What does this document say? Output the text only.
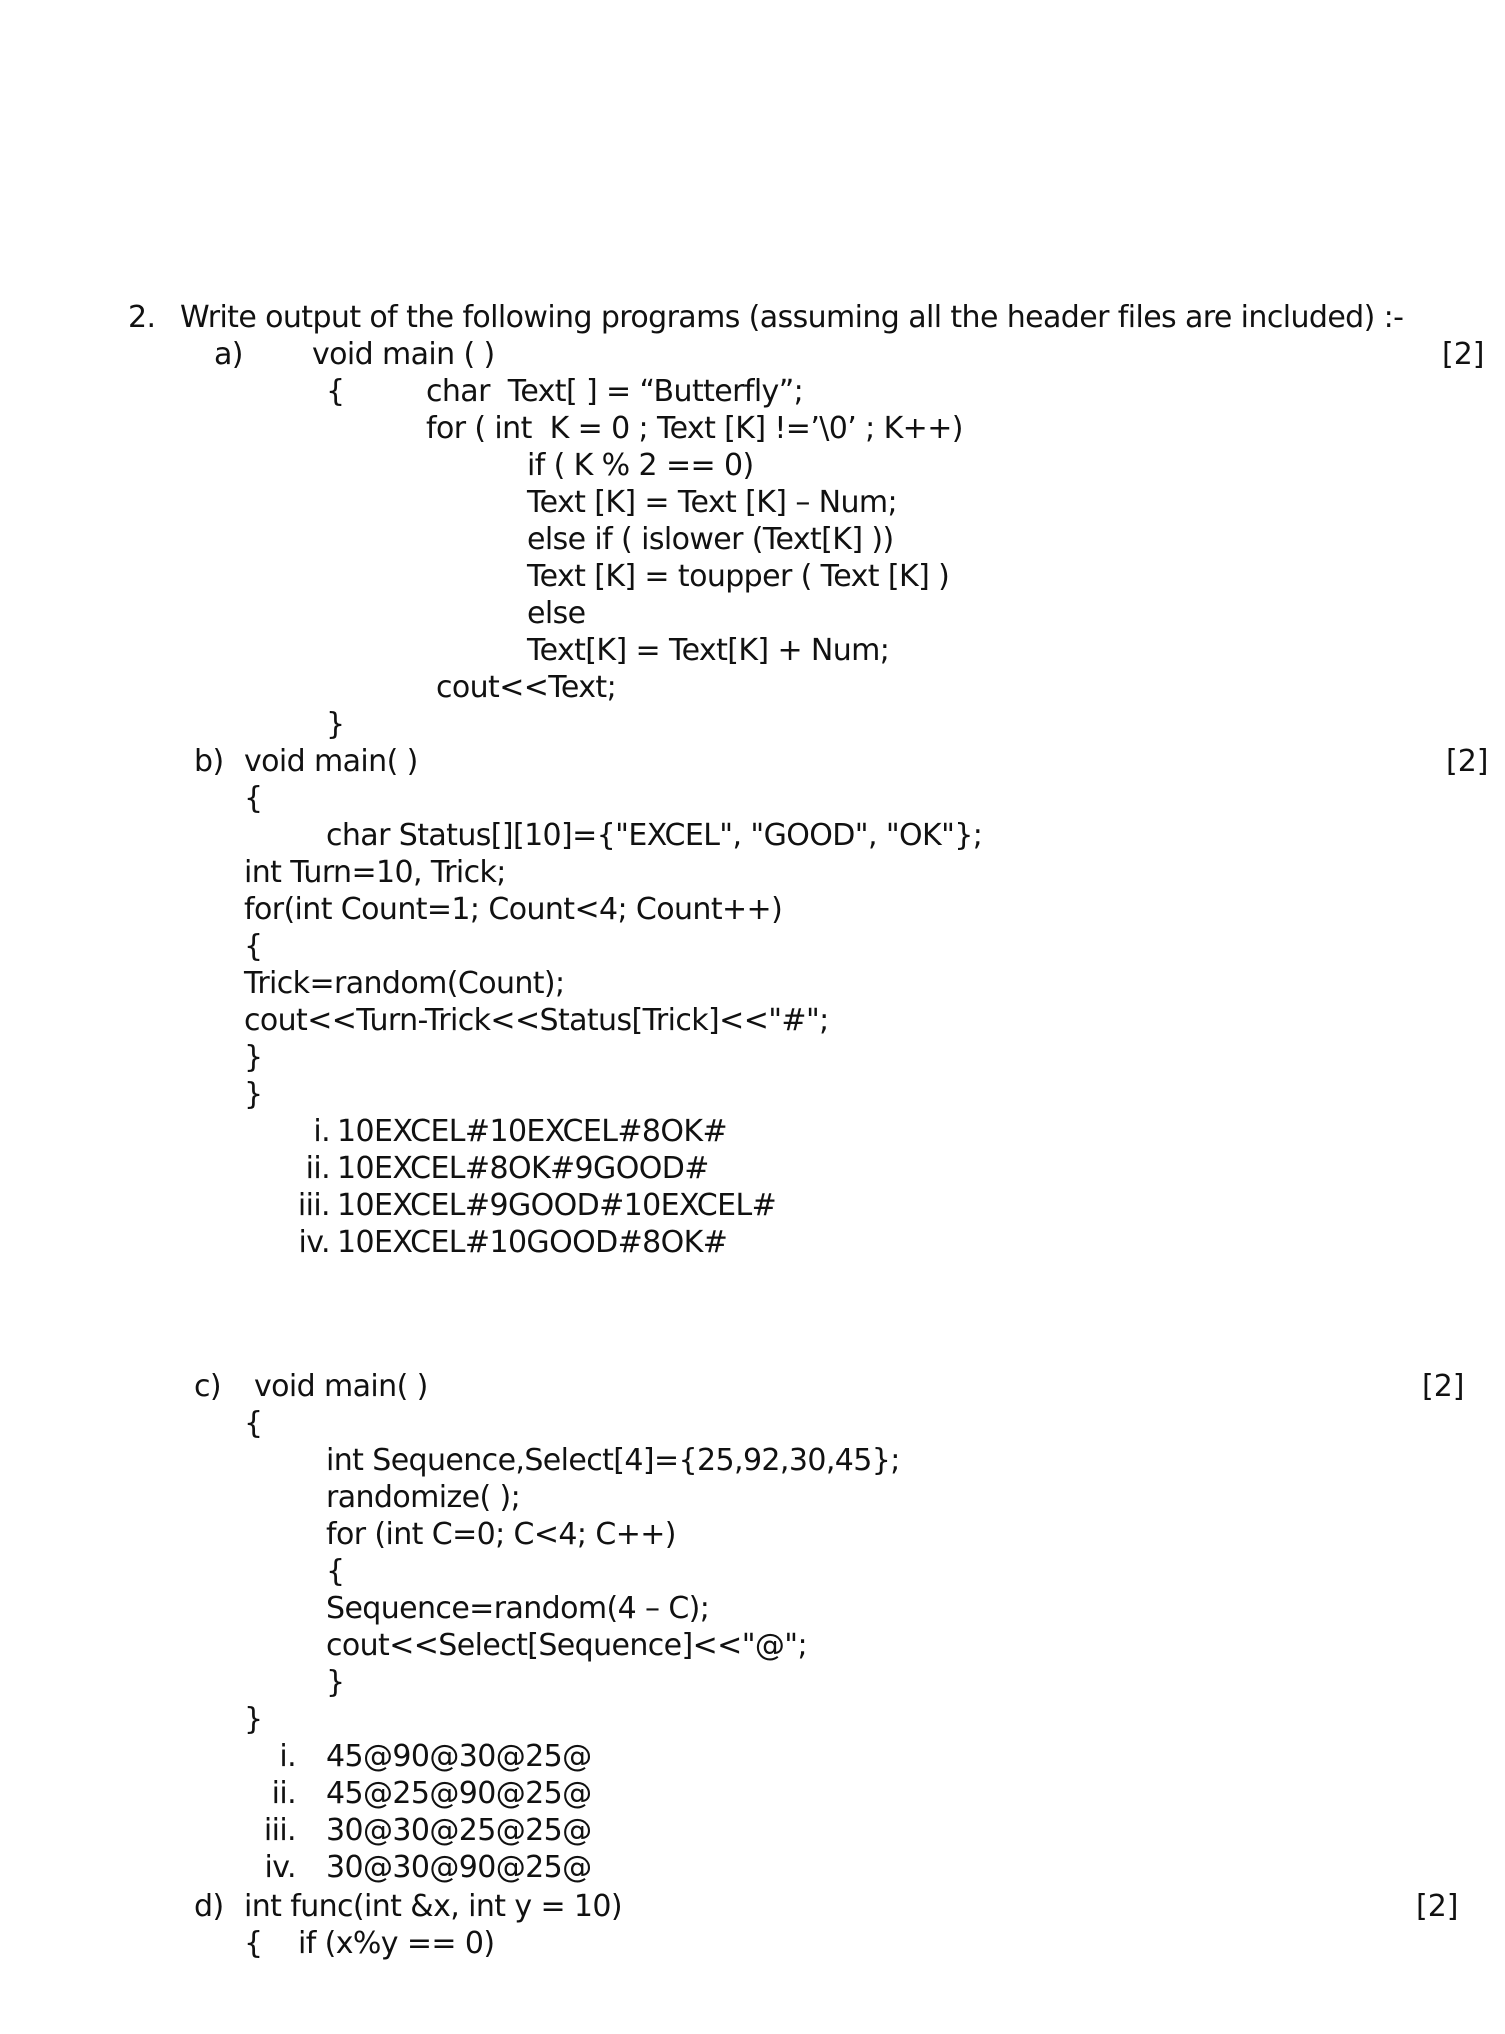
2. Write output of the following programs (assuming all the header files are included) :-
a)	[2]
void main ( )
{	char  Text[ ] = “Butterfly”;
for ( int  K = 0 ; Text [K] !=’\0’ ; K++)
if ( K % 2 == 0)
Text [K] = Text [K] – Num;
else if ( islower (Text[K] ))
Text [K] = toupper ( Text [K] )
else
Text[K] = Text[K] + Num;
cout<<Text;
}
b)	[2]
void main( )
{
char Status[][10]={"EXCEL", "GOOD", "OK"};
int Turn=10, Trick;
for(int Count=1; Count<4; Count++)
{
Trick=random(Count);
cout<<Turn-Trick<<Status[Trick]<<"#";
}
}
i. 10EXCEL#10EXCEL#8OK#
ii. 10EXCEL#8OK#9GOOD#
iii. 10EXCEL#9GOOD#10EXCEL#
iv. 10EXCEL#10GOOD#8OK#
c)	[2]
void main( )
{
int Sequence,Select[4]={25,92,30,45};
randomize( );
for (int C=0; C<4; C++)
{
Sequence=random(4 – C);
cout<<Select[Sequence]<<"@";
}
}
i. 45@90@30@25@
ii. 45@25@90@25@
iii. 30@30@25@25@
iv. 30@30@90@25@
d)	[2]
int func(int &x, int y = 10)
{ if (x%y == 0)
